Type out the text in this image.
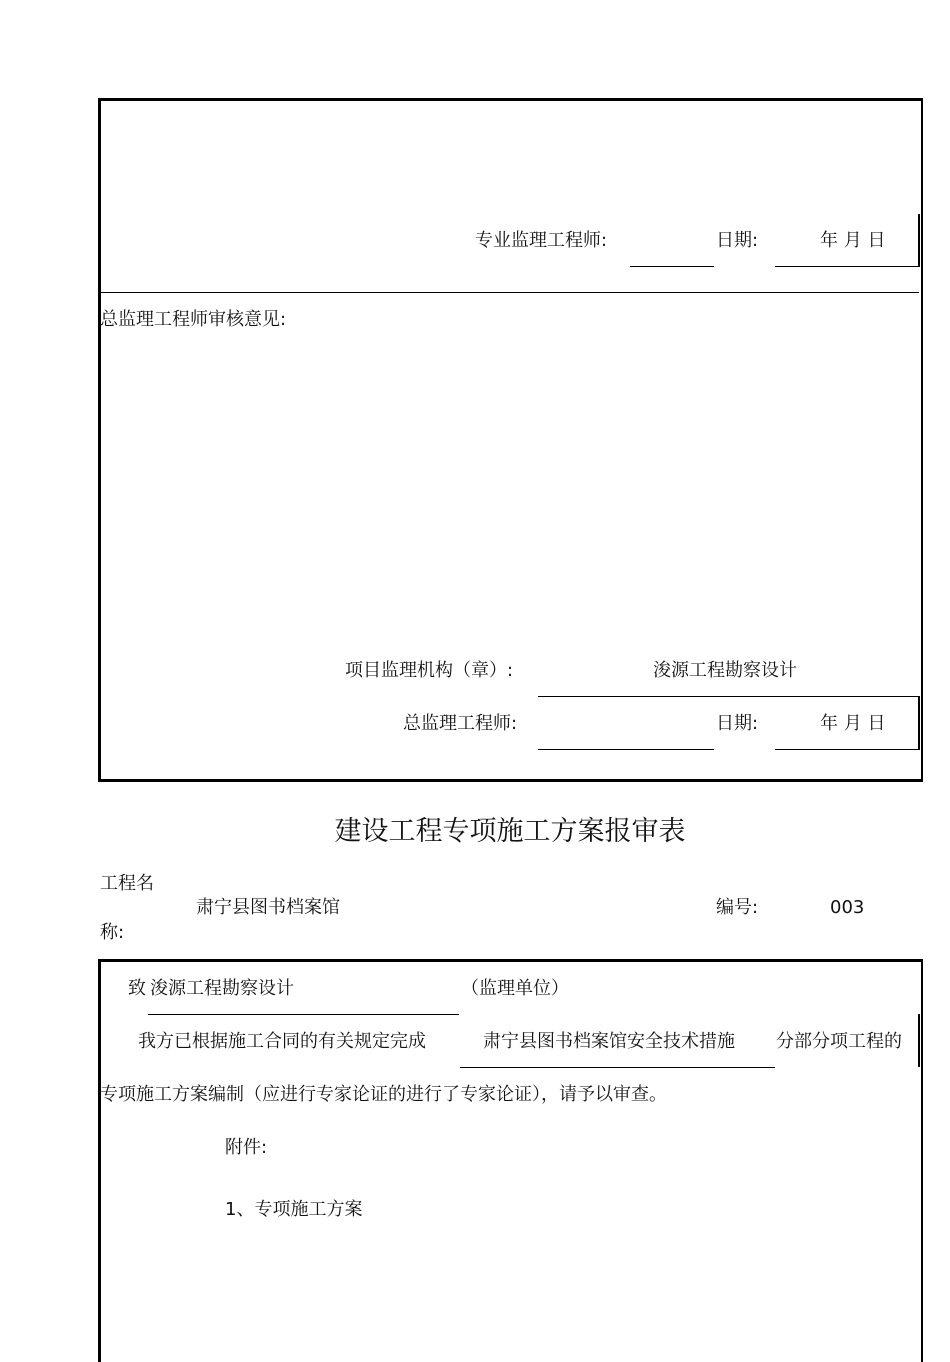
专业监理工程师:	日期:	年 月 日
总监理工程师审核意见:
项目监理机构（章）:	浚源工程勘察设计
总监理工程师:	日期:	年 月 日
建设工程专项施工方案报审表
工程名
称:
肃宁县图书档案馆	编号:	003
致 浚源工程勘察设计	（监理单位）
我方已根据施工合同的有关规定完成	肃宁县图书档案馆安全技术措施 分部分项工程的
专项施工方案编制（应进行专家论证的进行了专家论证），请予以审查。
附件:
1、专项施工方案
